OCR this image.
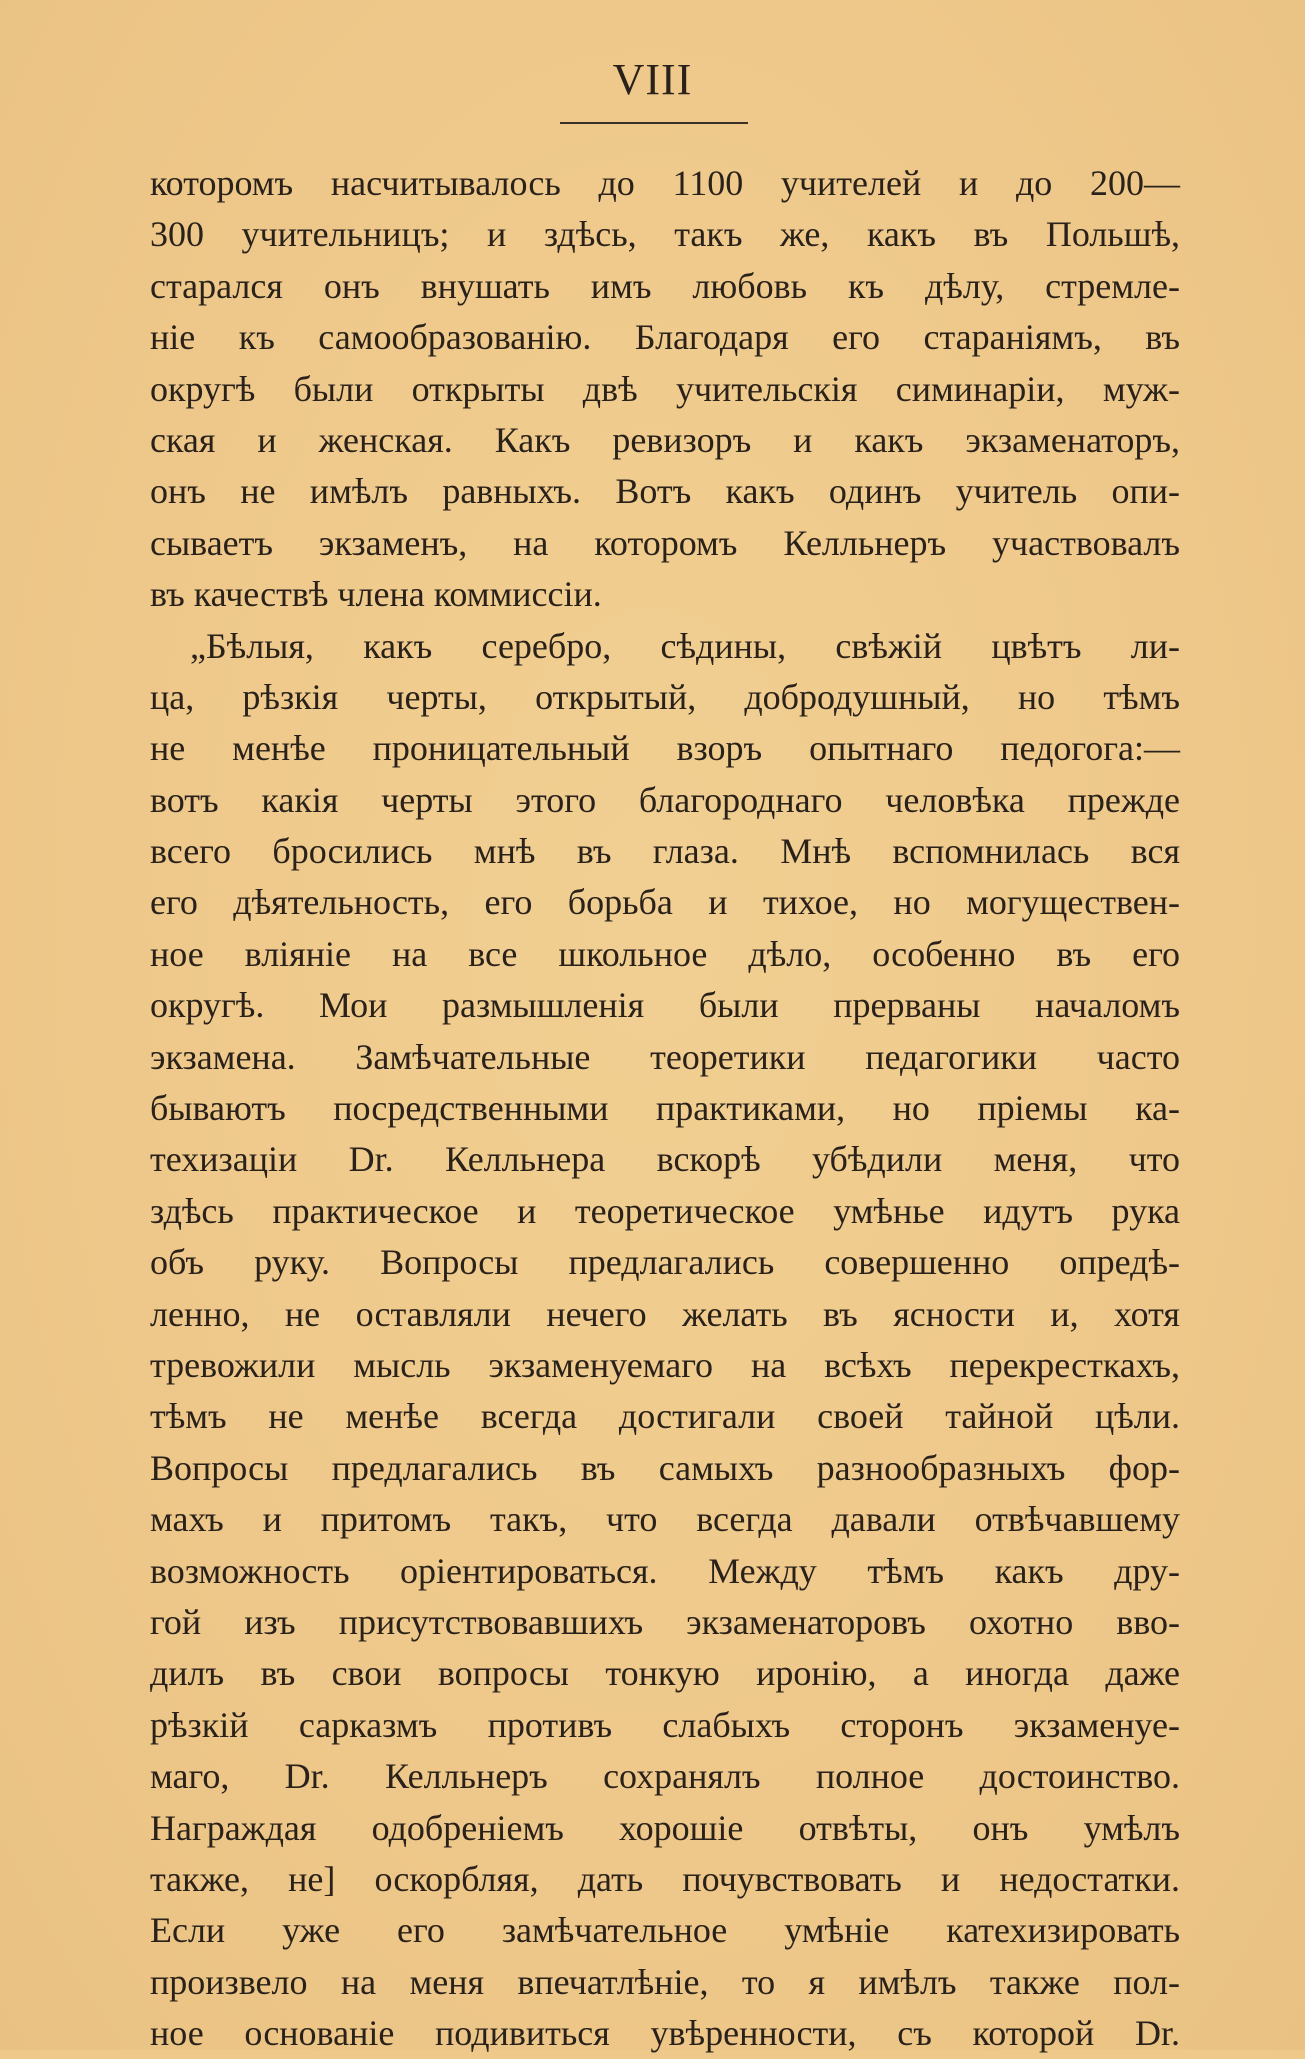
VIII
которомъ насчитывалось до 1100 учителей и до 200—
300 учительницъ; и здѣсь, такъ же, какъ въ Польшѣ,
старался онъ внушать имъ любовь къ дѣлу, стремле-
нiе къ самообразованiю. Благодаря его старанiямъ, въ
округѣ были открыты двѣ учительскiя симинарiи, муж-
ская и женская. Какъ ревизоръ и какъ экзаменаторъ,
онъ не имѣлъ равныхъ. Вотъ какъ одинъ учитель опи-
сываетъ экзаменъ, на которомъ Келльнеръ участвовалъ
въ качествѣ члена коммиссiи.
„Бѣлыя, какъ серебро, сѣдины, свѣжiй цвѣтъ ли-
ца, рѣзкiя черты, открытый, добродушный, но тѣмъ
не менѣе проницательный взоръ опытнаго педогога:—
вотъ какiя черты этого благороднаго человѣка прежде
всего бросились мнѣ въ глаза. Мнѣ вспомнилась вся
его дѣятельность, его борьба и тихое, но могуществен-
ное влiянiе на все школьное дѣло, особенно въ его
округѣ. Мои размышленiя были прерваны началомъ
экзамена. Замѣчательные теоретики педагогики часто
бываютъ посредственными практиками, но прiемы ка-
техизацiи Dr. Келльнера вскорѣ убѣдили меня, что
здѣсь практическое и теоретическое умѣнье идутъ рука
объ руку. Вопросы предлагались совершенно опредѣ-
ленно, не оставляли нечего желать въ ясности и, хотя
тревожили мысль экзаменуемаго на всѣхъ перекресткахъ,
тѣмъ не менѣе всегда достигали своей тайной цѣли.
Вопросы предлагались въ самыхъ разнообразныхъ фор-
махъ и притомъ такъ, что всегда давали отвѣчавшему
возможность орiентироваться. Между тѣмъ какъ дру-
гой изъ присутствовавшихъ экзаменаторовъ охотно вво-
дилъ въ свои вопросы тонкую иронiю, а иногда даже
рѣзкiй сарказмъ противъ слабыхъ сторонъ экзаменуе-
маго, Dr. Келльнеръ сохранялъ полное достоинство.
Награждая одобренiемъ хорошiе отвѣты, онъ умѣлъ
также, не] оскорбляя, дать почувствовать и недостатки.
Если уже его замѣчательное умѣнiе катехизировать
произвело на меня впечатлѣнiе, то я имѣлъ также пол-
ное основанiе подивиться увѣренности, съ которой Dr.
